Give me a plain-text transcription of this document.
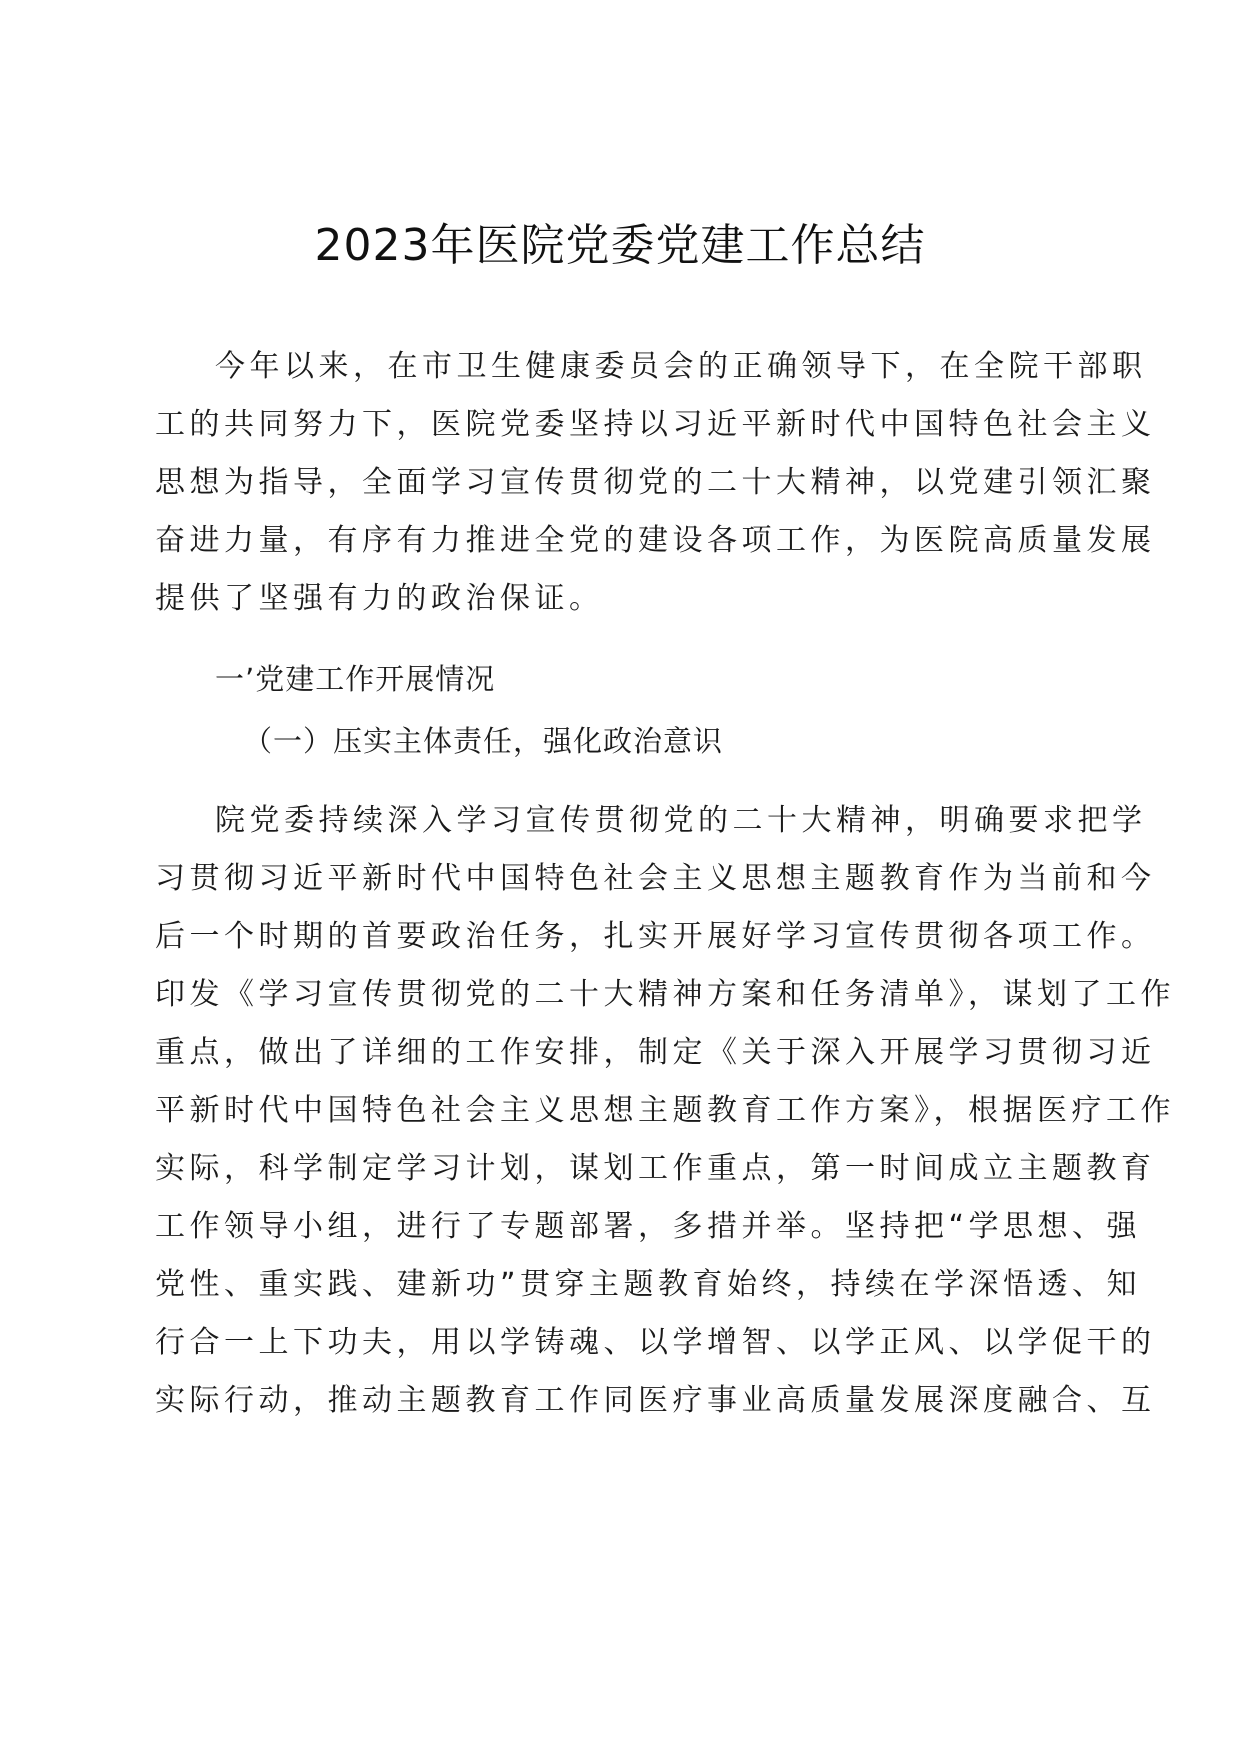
2023年医院党委党建工作总结

今年以来，在市卫生健康委员会的正确领导下，在全院干部职
工的共同努力下，医院党委坚持以习近平新时代中国特色社会主义
思想为指导，全面学习宣传贯彻党的二十大精神，以党建引领汇聚
奋进力量，有序有力推进全党的建设各项工作，为医院高质量发展
提供了坚强有力的政治保证。

一’党建工作开展情况

（一）压实主体责任，强化政治意识

院党委持续深入学习宣传贯彻党的二十大精神，明确要求把学
习贯彻习近平新时代中国特色社会主义思想主题教育作为当前和今
后一个时期的首要政治任务，扎实开展好学习宣传贯彻各项工作。
印发《学习宣传贯彻党的二十大精神方案和任务清单》，谋划了工作
重点，做出了详细的工作安排，制定《关于深入开展学习贯彻习近
平新时代中国特色社会主义思想主题教育工作方案》，根据医疗工作
实际，科学制定学习计划，谋划工作重点，第一时间成立主题教育
工作领导小组，进行了专题部署，多措并举。坚持把“学思想、强
党性、重实践、建新功”贯穿主题教育始终，持续在学深悟透、知
行合一上下功夫，用以学铸魂、以学增智、以学正风、以学促干的
实际行动，推动主题教育工作同医疗事业高质量发展深度融合、互
